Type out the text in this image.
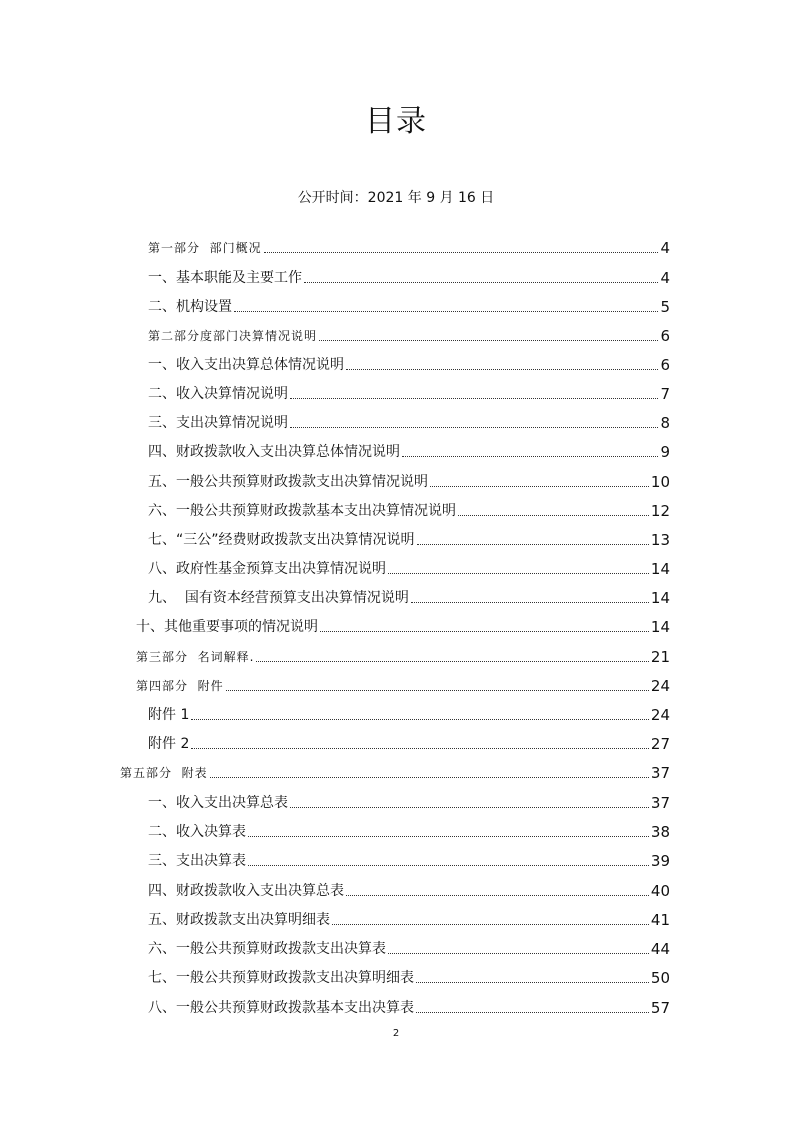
目录
公开时间：2021 年 9 月 16 日
第一部分  部门概况	4
一、基本职能及主要工作	4
二、机构设置	5
第二部分度部门决算情况说明	6
一、收入支出决算总体情况说明	6
二、收入决算情况说明	7
三、支出决算情况说明	8
四、财政拨款收入支出决算总体情况说明	9
五、一般公共预算财政拨款支出决算情况说明	10
六、一般公共预算财政拨款基本支出决算情况说明	12
七、“三公”经费财政拨款支出决算情况说明	13
八、政府性基金预算支出决算情况说明	14
九、  国有资本经营预算支出决算情况说明	14
十、其他重要事项的情况说明	14
第三部分  名词解释.	21
第四部分  附件	24
附件 1	24
附件 2	27
第五部分  附表	37
一、收入支出决算总表	37
二、收入决算表	38
三、支出决算表	39
四、财政拨款收入支出决算总表	40
五、财政拨款支出决算明细表	41
六、一般公共预算财政拨款支出决算表	44
七、一般公共预算财政拨款支出决算明细表	50
八、一般公共预算财政拨款基本支出决算表	57
2
